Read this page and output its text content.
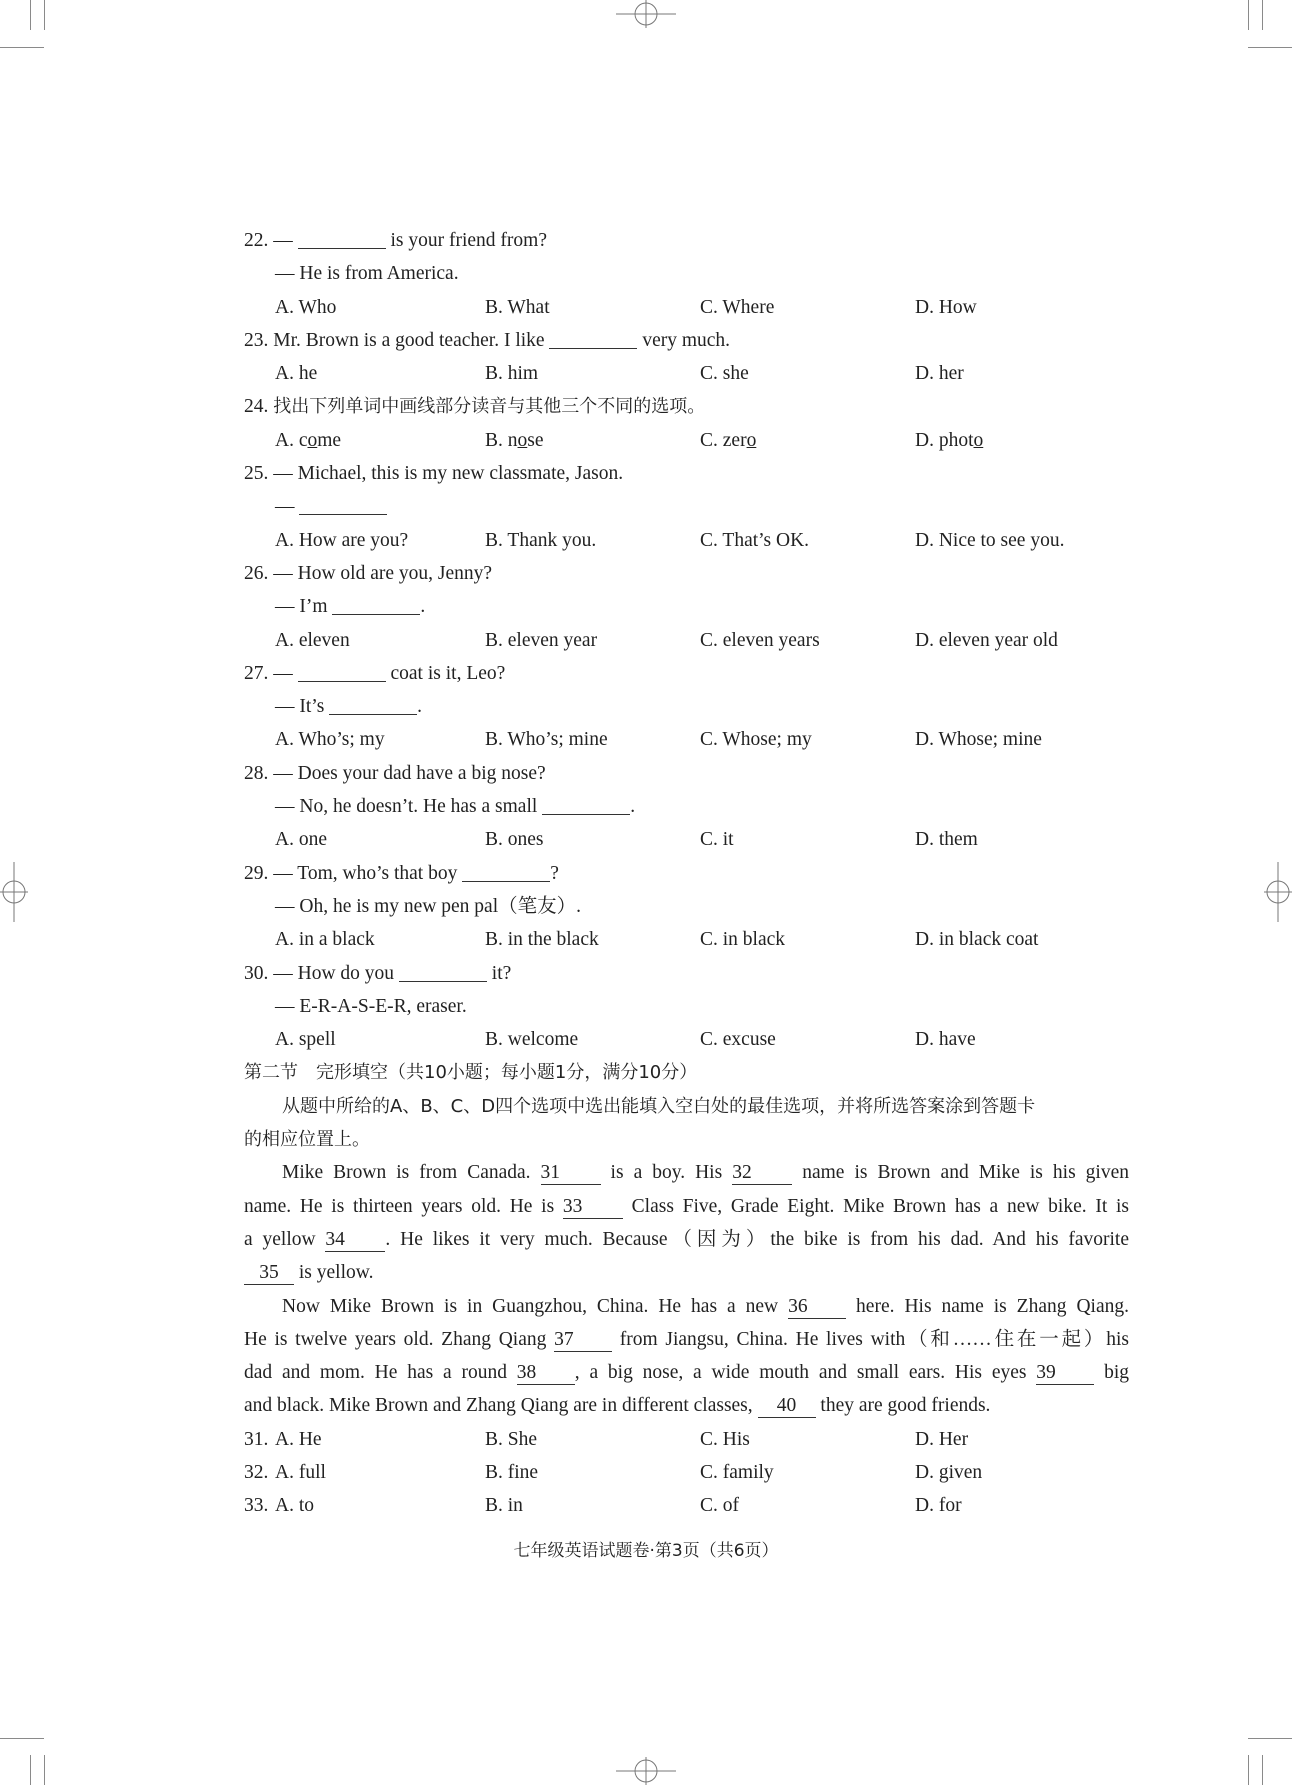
22. —	is your friend from?
— He is from America.
A. Who	B. What	C. Where	D. How
23. Mr. Brown is a good teacher. I like	very much.
A. he	B. him	C. she	D. her
24. 找出下列单词中画线部分读音与其他三个不同的选项。
A. come	B. nose	C. zero	D. photo
25. — Michael, this is my new classmate, Jason.
—
A. How are you?	B. Thank you.	C. That’s OK.	D. Nice to see you.
26. — How old are you, Jenny?
— I’m	.
A. eleven	B. eleven year	C. eleven years	D. eleven year old
27. —	coat is it, Leo?
— It’s	.
A. Who’s; my	B. Who’s; mine	C. Whose; my	D. Whose; mine
28. — Does your dad have a big nose?
— No, he doesn’t. He has a small	.
A. one	B. ones	C. it	D. them
29. — Tom, who’s that boy	?
— Oh, he is my new pen pal（笔友）.
A. in a black	B. in the black	C. in black	D. in black coat
30. — How do you	it?
— E-R-A-S-E-R, eraser.
A. spell	B. welcome	C. excuse	D. have
第二节　完形填空（共10小题；每小题1分，满分10分）
从题中所给的A、B、C、D四个选项中选出能填入空白处的最佳选项，并将所选答案涂到答题卡
的相应位置上。
Mike Brown is from Canada. 31 is a boy. His 32 name is Brown and Mike is his given
name. He is thirteen years old. He is 33 Class Five, Grade Eight. Mike Brown has a new bike. It is
a yellow 34 . He likes it very much. Because（因为）the bike is from his dad. And his favorite
35 is yellow.
Now Mike Brown is in Guangzhou, China. He has a new 36 here. His name is Zhang Qiang.
He is twelve years old. Zhang Qiang 37 from Jiangsu, China. He lives with（和……住在一起）his
dad and mom. He has a round 38 , a big nose, a wide mouth and small ears. His eyes 39 big
and black. Mike Brown and Zhang Qiang are in different classes, 40 they are good friends.
31. A. He	B. She	C. His	D. Her
32. A. full	B. fine	C. family	D. given
33. A. to	B. in	C. of	D. for
七年级英语试题卷·第3页（共6页）
